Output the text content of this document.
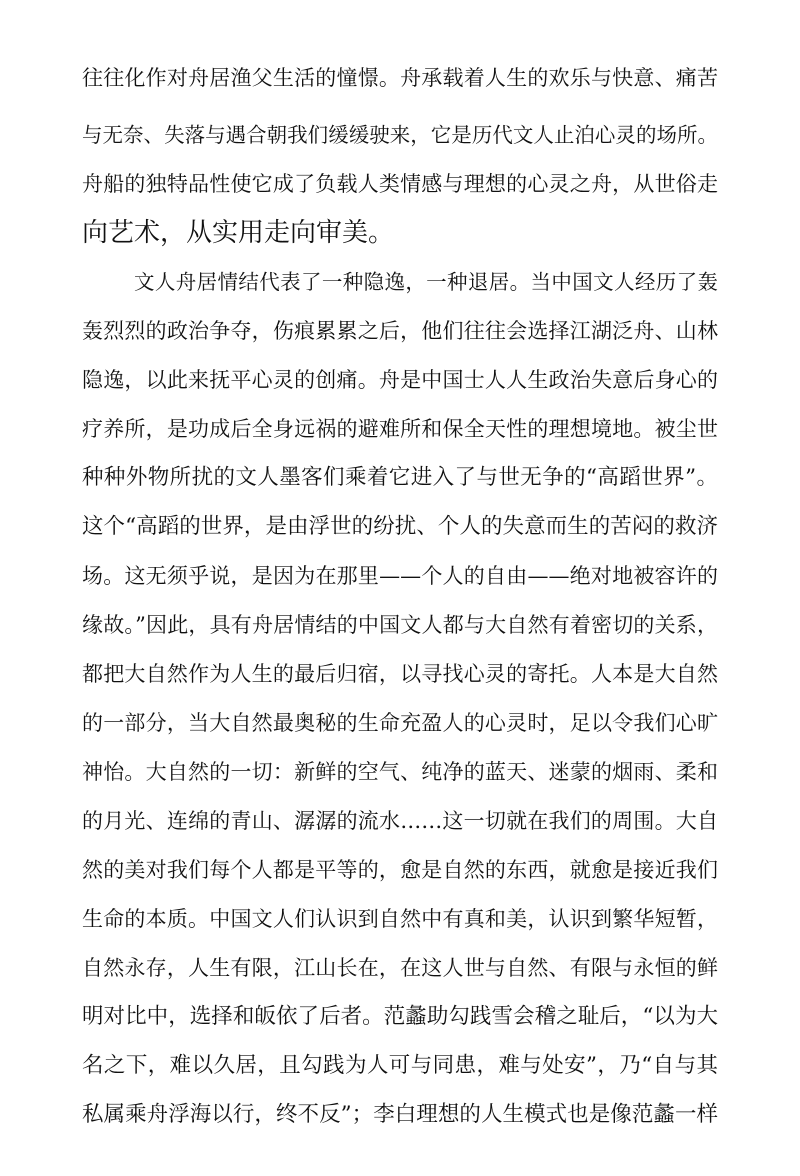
往往化作对舟居渔父生活的憧憬。舟承载着人生的欢乐与快意、痛苦
与无奈、失落与遇合朝我们缓缓驶来，它是历代文人止泊心灵的场所。
舟船的独特品性使它成了负载人类情感与理想的心灵之舟，从世俗走
向艺术，从实用走向审美。
文人舟居情结代表了一种隐逸，一种退居。当中国文人经历了轰
轰烈烈的政治争夺，伤痕累累之后，他们往往会选择江湖泛舟、山林
隐逸，以此来抚平心灵的创痛。舟是中国士人人生政治失意后身心的
疗养所，是功成后全身远祸的避难所和保全天性的理想境地。被尘世
种种外物所扰的文人墨客们乘着它进入了与世无争的“高蹈世界”。
这个“高蹈的世界，是由浮世的纷扰、个人的失意而生的苦闷的救济
场。这无须乎说，是因为在那里——个人的自由——绝对地被容许的
缘故。”因此，具有舟居情结的中国文人都与大自然有着密切的关系，
都把大自然作为人生的最后归宿，以寻找心灵的寄托。人本是大自然
的一部分，当大自然最奥秘的生命充盈人的心灵时，足以令我们心旷
神怡。大自然的一切：新鲜的空气、纯净的蓝天、迷蒙的烟雨、柔和
的月光、连绵的青山、潺潺的流水……这一切就在我们的周围。大自
然的美对我们每个人都是平等的，愈是自然的东西，就愈是接近我们
生命的本质。中国文人们认识到自然中有真和美，认识到繁华短暂，
自然永存，人生有限，江山长在，在这人世与自然、有限与永恒的鲜
明对比中，选择和皈依了后者。范蠡助勾践雪会稽之耻后，“以为大
名之下，难以久居，且勾践为人可与同患，难与处安”，乃“自与其
私属乘舟浮海以行，终不反”；李白理想的人生模式也是像范蠡一样
